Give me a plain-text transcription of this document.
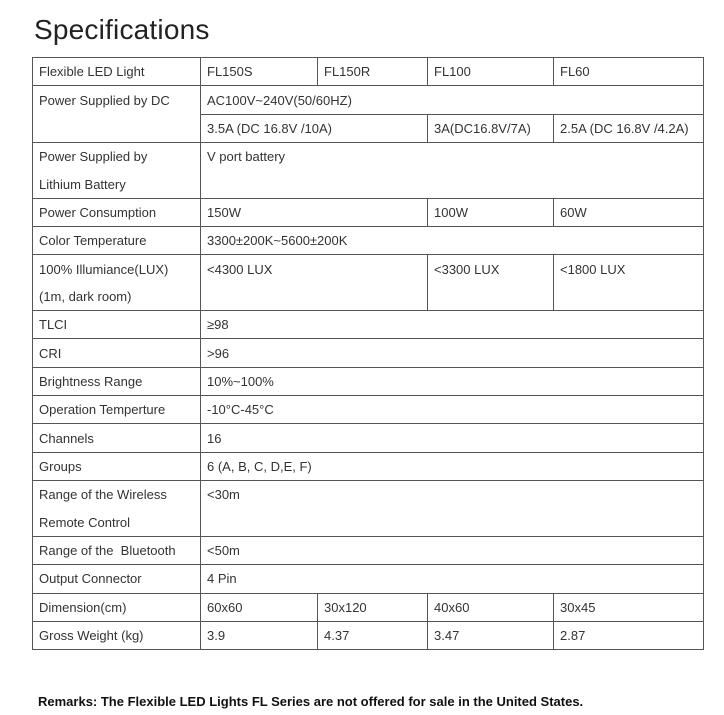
Specifications
Flexible LED Light	FL150S	FL150R	FL100	FL60
Power Supplied by DC	AC100V~240V(50/60HZ)			
	3.5A (DC 16.8V /10A)		3A(DC16.8V/7A)	2.5A (DC 16.8V /4.2A)
Power Supplied by	V port battery			
Lithium Battery				
Power Consumption	150W		100W	60W
Color Temperature	3300±200K~5600±200K			
100% Illumiance(LUX)	<4300 LUX		<3300 LUX	<1800 LUX
(1m, dark room)				
TLCI	≥98			
CRI	>96			
Brightness Range	10%~100%			
Operation Temperture	-10°C-45°C			
Channels	16			
Groups	6 (A, B, C, D,E, F)			
Range of the Wireless	<30m			
Remote Control				
Range of the  Bluetooth	<50m			
Output Connector	4 Pin			
Dimension(cm)	60x60	30x120	40x60	30x45
Gross Weight (kg)	3.9	4.37	3.47	2.87
Remarks: The Flexible LED Lights FL Series are not offered for sale in the United States.
